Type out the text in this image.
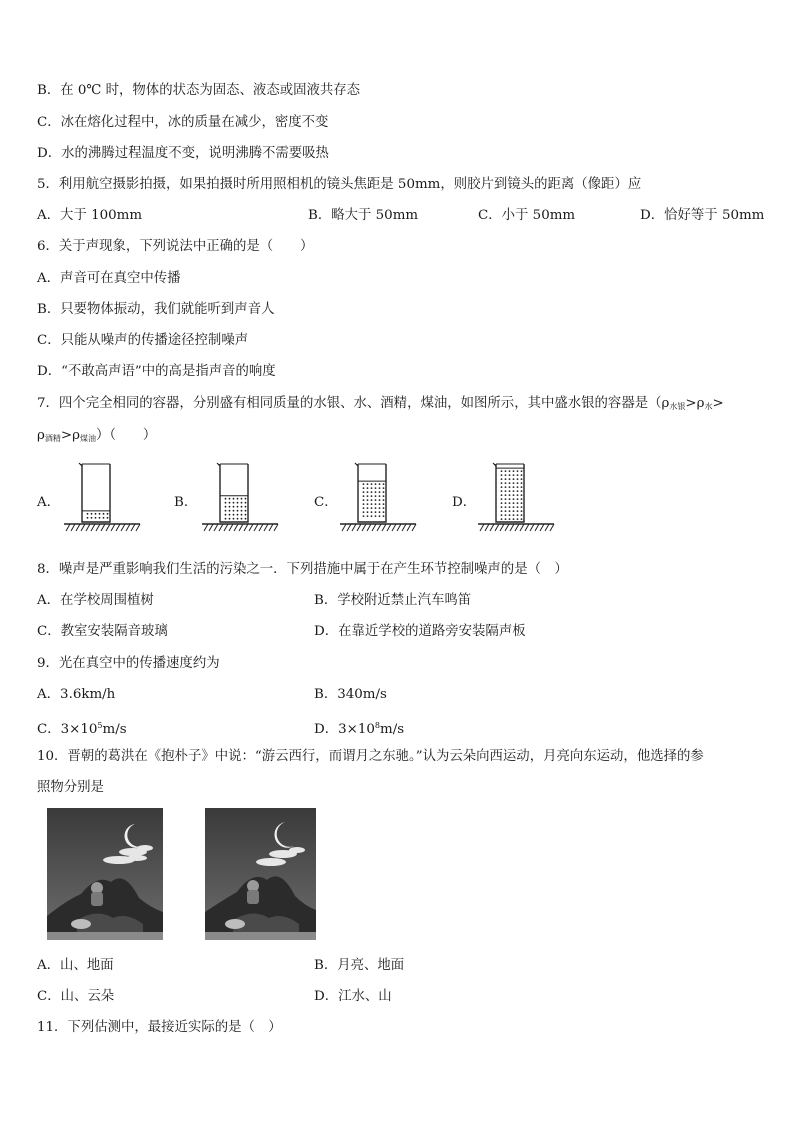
B．在 0℃ 时，物体的状态为固态、液态或固液共存态
C．冰在熔化过程中，冰的质量在减少，密度不变
D．水的沸腾过程温度不变，说明沸腾不需要吸热
5．利用航空摄影拍摄，如果拍摄时所用照相机的镜头焦距是 50mm，则胶片到镜头的距离（像距）应
A．大于 100mm	B．略大于 50mm	C．小于 50mm	D．恰好等于 50mm
6．关于声现象，下列说法中正确的是（　　）
A．声音可在真空中传播
B．只要物体振动，我们就能听到声音人
C．只能从噪声的传播途径控制噪声
D．“不敢高声语”中的高是指声音的响度
7．四个完全相同的容器，分别盛有相同质量的水银、水、酒精，煤油，如图所示，其中盛水银的容器是（$\rho_{水银}>\rho_水>$
$\rho_{酒精}>\rho_{煤油}$）（　　）
A．	B．	C．	D．
8．噪声是严重影响我们生活的污染之一．下列措施中属于在产生环节控制噪声的是（　）
A．在学校周围植树	B．学校附近禁止汽车鸣笛
C．教室安装隔音玻璃	D．在靠近学校的道路旁安装隔声板
9．光在真空中的传播速度约为
A．3.6km/h	B．340m/s
C．$3\times 10^5m/s$	D．$3\times 10^8m/s$
10．晋朝的葛洪在《抱朴子》中说：“游云西行，而谓月之东驰。”认为云朵向西运动，月亮向东运动，他选择的参
照物分别是
A．山、地面	B．月亮、地面
C．山、云朵	D．江水、山
11．下列估测中，最接近实际的是（　）
